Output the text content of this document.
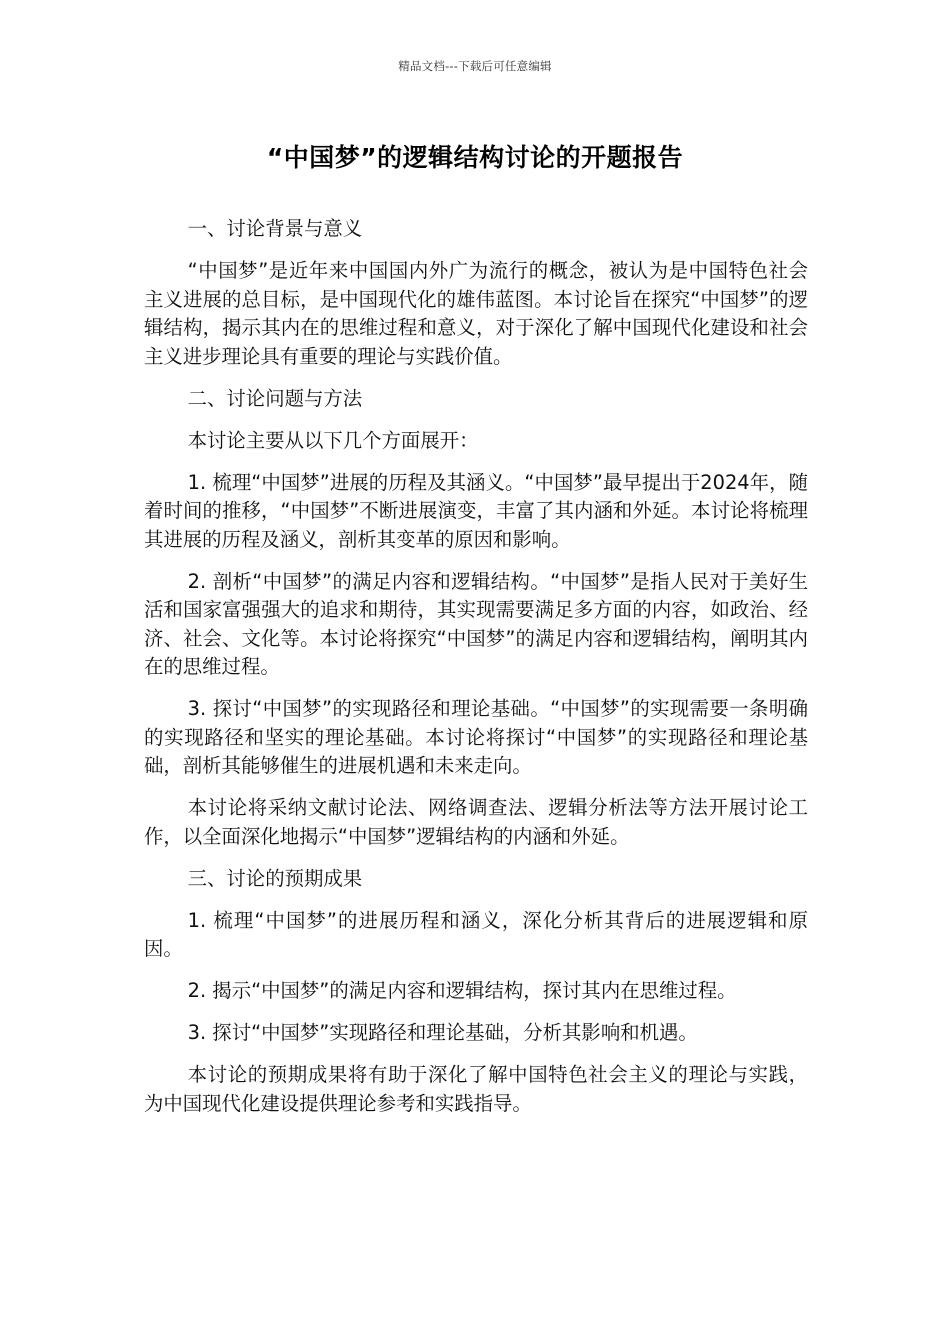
精品文档---下载后可任意编辑
“中国梦”的逻辑结构讨论的开题报告

一、讨论背景与意义

“中国梦”是近年来中国国内外广为流行的概念，被认为是中国特色社会主义进展的总目标，是中国现代化的雄伟蓝图。本讨论旨在探究“中国梦”的逻辑结构，揭示其内在的思维过程和意义，对于深化了解中国现代化建设和社会主义进步理论具有重要的理论与实践价值。

二、讨论问题与方法

本讨论主要从以下几个方面展开：

1. 梳理“中国梦”进展的历程及其涵义。“中国梦”最早提出于2024年，随着时间的推移，“中国梦”不断进展演变，丰富了其内涵和外延。本讨论将梳理其进展的历程及涵义，剖析其变革的原因和影响。

2. 剖析“中国梦”的满足内容和逻辑结构。“中国梦”是指人民对于美好生活和国家富强强大的追求和期待，其实现需要满足多方面的内容，如政治、经济、社会、文化等。本讨论将探究“中国梦”的满足内容和逻辑结构，阐明其内在的思维过程。

3. 探讨“中国梦”的实现路径和理论基础。“中国梦”的实现需要一条明确的实现路径和坚实的理论基础。本讨论将探讨“中国梦”的实现路径和理论基础，剖析其能够催生的进展机遇和未来走向。

本讨论将采纳文献讨论法、网络调查法、逻辑分析法等方法开展讨论工作，以全面深化地揭示“中国梦”逻辑结构的内涵和外延。

三、讨论的预期成果

1. 梳理“中国梦”的进展历程和涵义，深化分析其背后的进展逻辑和原因。

2. 揭示“中国梦”的满足内容和逻辑结构，探讨其内在思维过程。

3. 探讨“中国梦”实现路径和理论基础，分析其影响和机遇。

本讨论的预期成果将有助于深化了解中国特色社会主义的理论与实践，为中国现代化建设提供理论参考和实践指导。
